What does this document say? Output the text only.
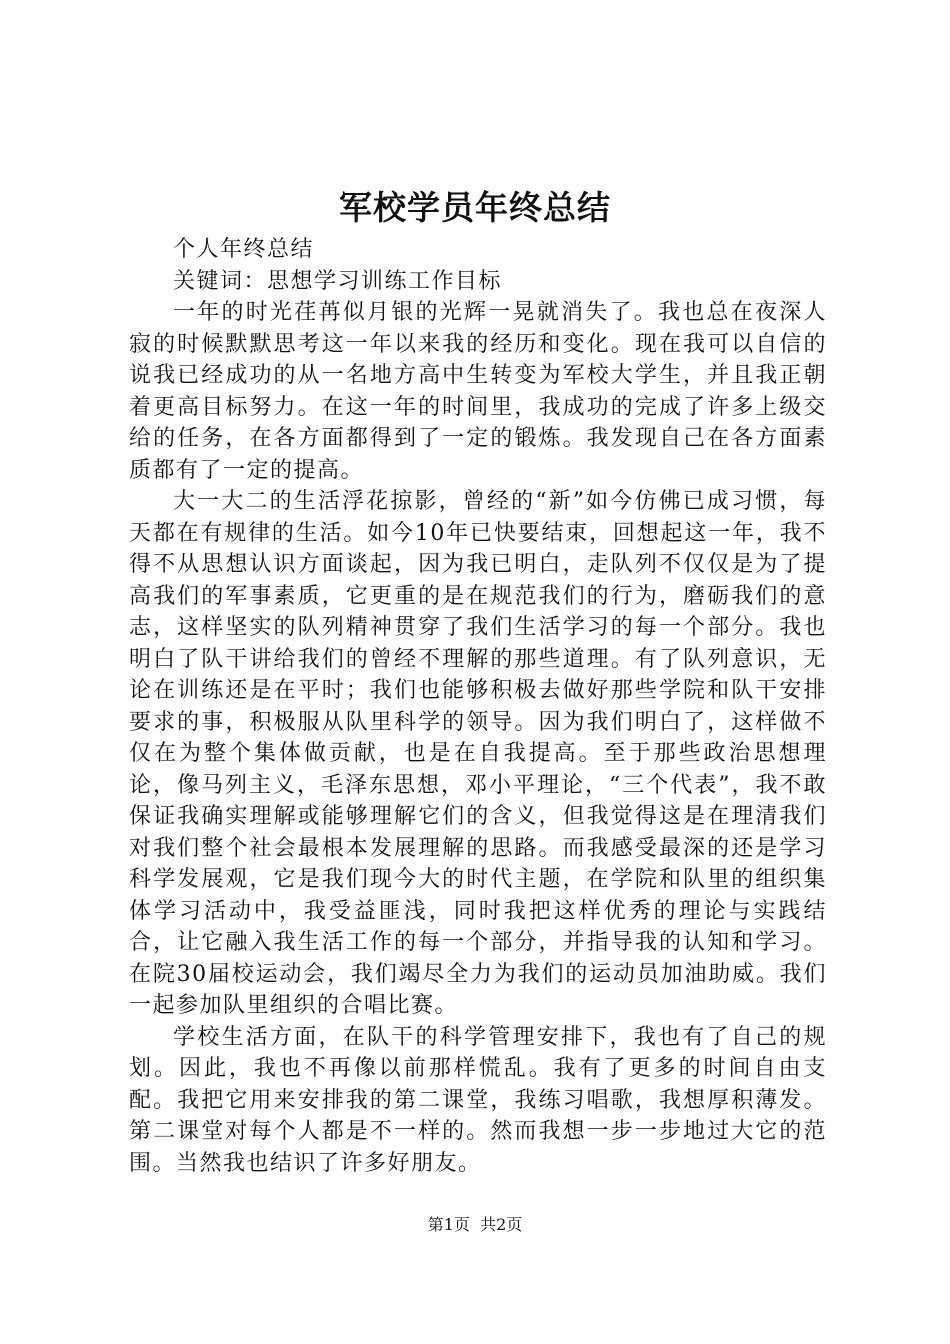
军校学员年终总结

个人年终总结

关键词：思想学习训练工作目标

一年的时光荏苒似月银的光辉一晃就消失了。我也总在夜深人寂的时候默默思考这一年以来我的经历和变化。现在我可以自信的说我已经成功的从一名地方高中生转变为军校大学生，并且我正朝着更高目标努力。在这一年的时间里，我成功的完成了许多上级交给的任务，在各方面都得到了一定的锻炼。我发现自己在各方面素质都有了一定的提高。

大一大二的生活浮花掠影，曾经的“新”如今仿佛已成习惯，每天都在有规律的生活。如今10年已快要结束，回想起这一年，我不得不从思想认识方面谈起，因为我已明白，走队列不仅仅是为了提高我们的军事素质，它更重的是在规范我们的行为，磨砺我们的意志，这样坚实的队列精神贯穿了我们生活学习的每一个部分。我也明白了队干讲给我们的曾经不理解的那些道理。有了队列意识，无论在训练还是在平时；我们也能够积极去做好那些学院和队干安排要求的事，积极服从队里科学的领导。因为我们明白了，这样做不仅在为整个集体做贡献，也是在自我提高。至于那些政治思想理论，像马列主义，毛泽东思想，邓小平理论，“三个代表”，我不敢保证我确实理解或能够理解它们的含义，但我觉得这是在理清我们对我们整个社会最根本发展理解的思路。而我感受最深的还是学习科学发展观，它是我们现今大的时代主题，在学院和队里的组织集体学习活动中，我受益匪浅，同时我把这样优秀的理论与实践结合，让它融入我生活工作的每一个部分，并指导我的认知和学习。在院30届校运动会，我们竭尽全力为我们的运动员加油助威。我们一起参加队里组织的合唱比赛。

学校生活方面，在队干的科学管理安排下，我也有了自己的规划。因此，我也不再像以前那样慌乱。我有了更多的时间自由支配。我把它用来安排我的第二课堂，我练习唱歌，我想厚积薄发。第二课堂对每个人都是不一样的。然而我想一步一步地过大它的范围。当然我也结识了许多好朋友。

第1页  共2页
